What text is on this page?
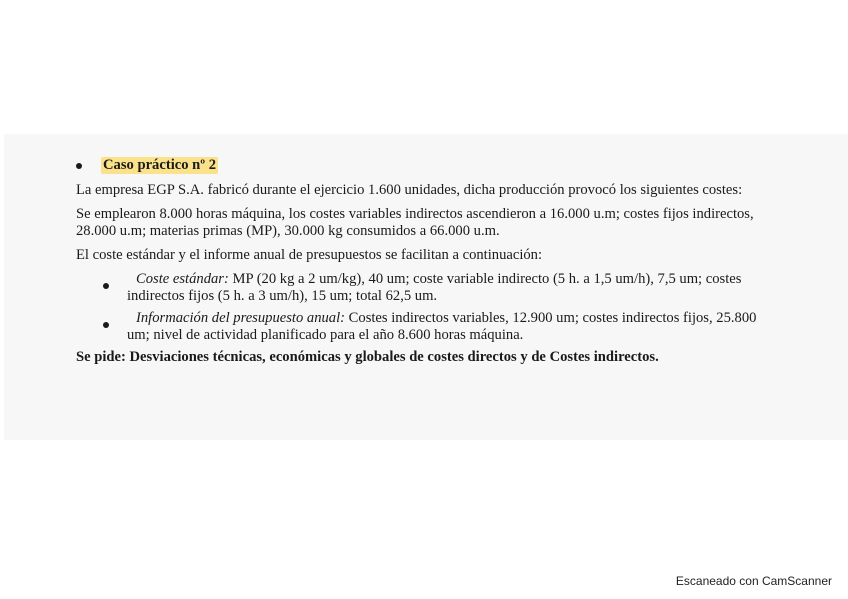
Caso práctico nº 2

La empresa EGP S.A. fabricó durante el ejercicio 1.600 unidades, dicha producción provocó los siguientes costes:

Se emplearon 8.000 horas máquina, los costes variables indirectos ascendieron a 16.000 u.m; costes fijos indirectos, 28.000 u.m; materias primas (MP), 30.000 kg consumidos a 66.000 u.m.

El coste estándar y el informe anual de presupuestos se facilitan a continuación:

Coste estándar: MP (20 kg a 2 um/kg), 40 um; coste variable indirecto (5 h. a 1,5 um/h), 7,5 um; costes indirectos fijos (5 h. a 3 um/h), 15 um; total 62,5 um.
Información del presupuesto anual: Costes indirectos variables, 12.900 um; costes indirectos fijos, 25.800 um; nivel de actividad planificado para el año 8.600 horas máquina.

Se pide: Desviaciones técnicas, económicas y globales de costes directos y de Costes indirectos.

Escaneado con CamScanner
